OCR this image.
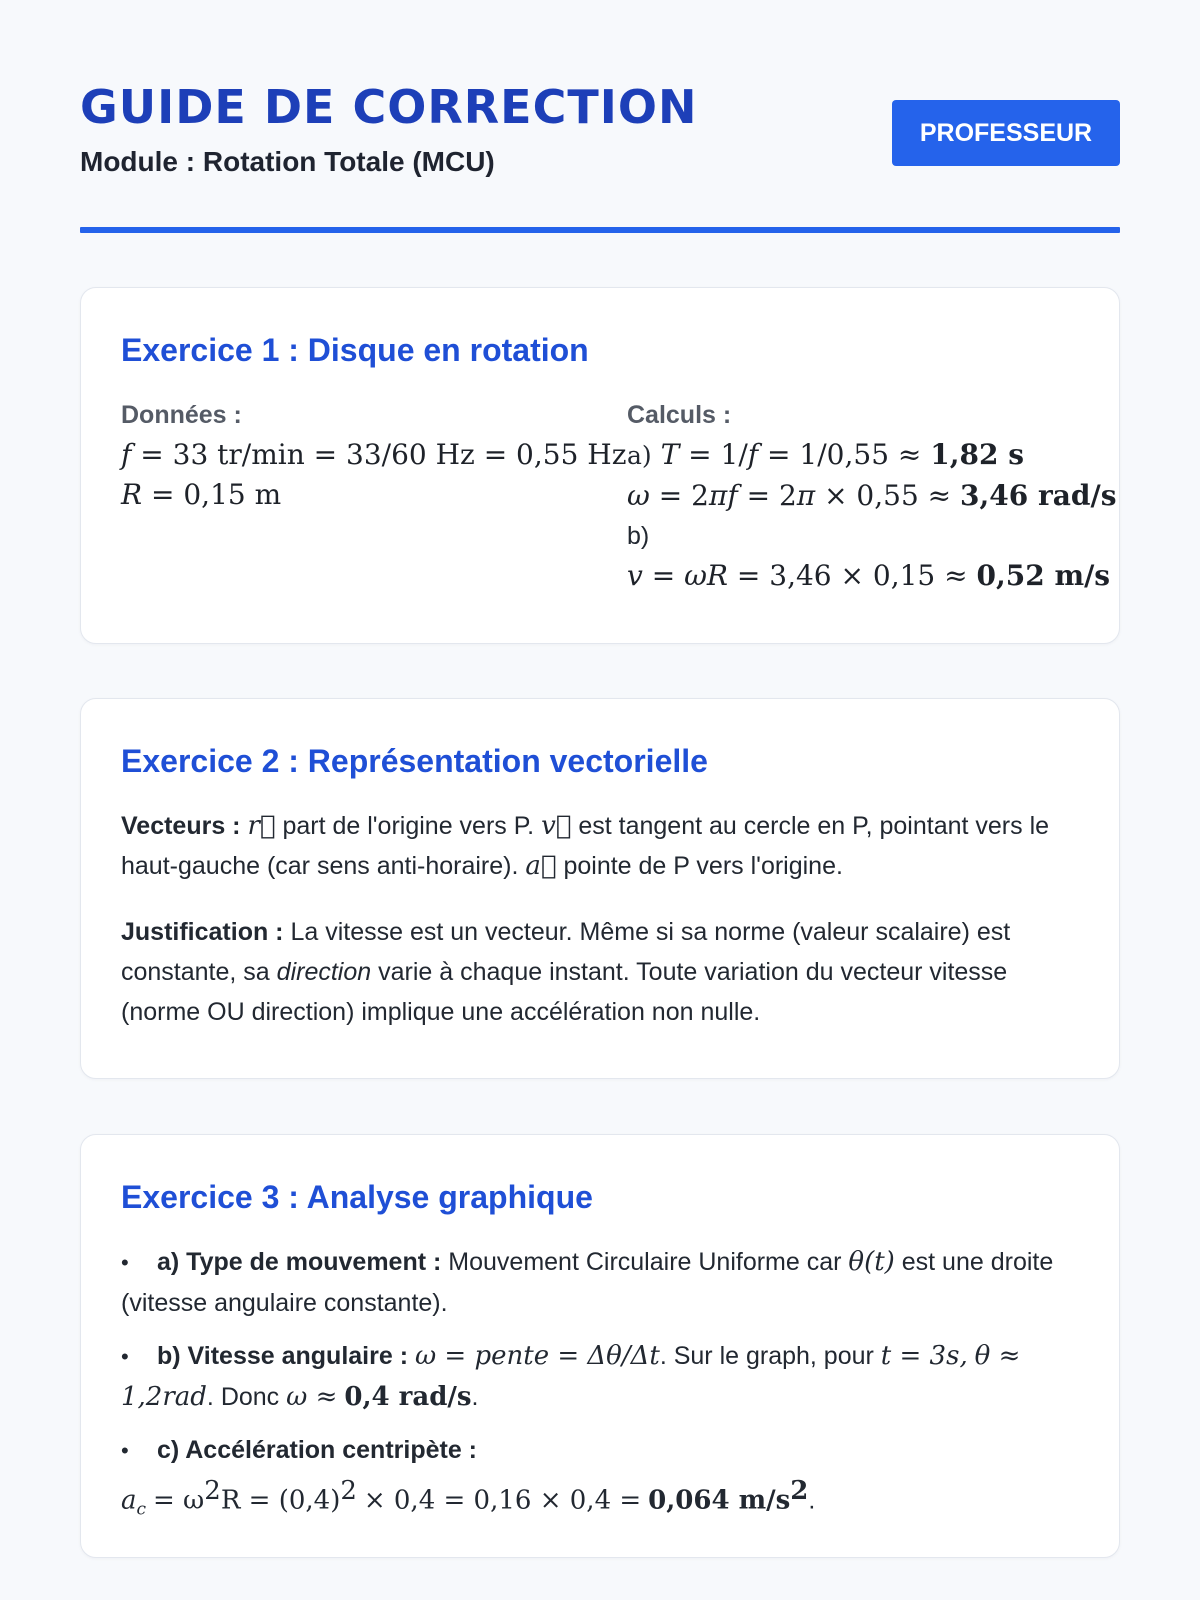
GUIDE DE CORRECTION
Module : Rotation Totale (MCU)
PROFESSEUR
Exercice 1 : Disque en rotation
Données :
f = 33 tr/min = 33/60 Hz = 0,55 Hz
R = 0,15 m
Calculs :
a) T = 1/f = 1/0,55 ≈ 1,82 s
ω = 2πf = 2π × 0,55 ≈ 3,46 rad/s
b)
v = ωR = 3,46 × 0,15 ≈ 0,52 m/s
Exercice 2 : Représentation vectorielle

Vecteurs : r⃗ part de l'origine vers P. v⃗ est tangent au cercle en P, pointant vers le haut-gauche (car sens anti-horaire). a⃗ pointe de P vers l'origine.

Justification : La vitesse est un vecteur. Même si sa norme (valeur scalaire) est constante, sa direction varie à chaque instant. Toute variation du vecteur vitesse (norme OU direction) implique une accélération non nulle.

Exercice 3 : Analyse graphique
• a) Type de mouvement : Mouvement Circulaire Uniforme car θ(t) est une droite (vitesse angulaire constante).
• b) Vitesse angulaire : ω = pente = Δθ/Δt. Sur le graph, pour t = 3s, θ ≈ 1,2rad. Donc ω ≈ 0,4 rad/s.
• c) Accélération centripète :
$a_c = \omega^2R = (0,4)^2 \times 0,4 = 0,16 \times 0,4 = 0,064$ $m/s^2$.
